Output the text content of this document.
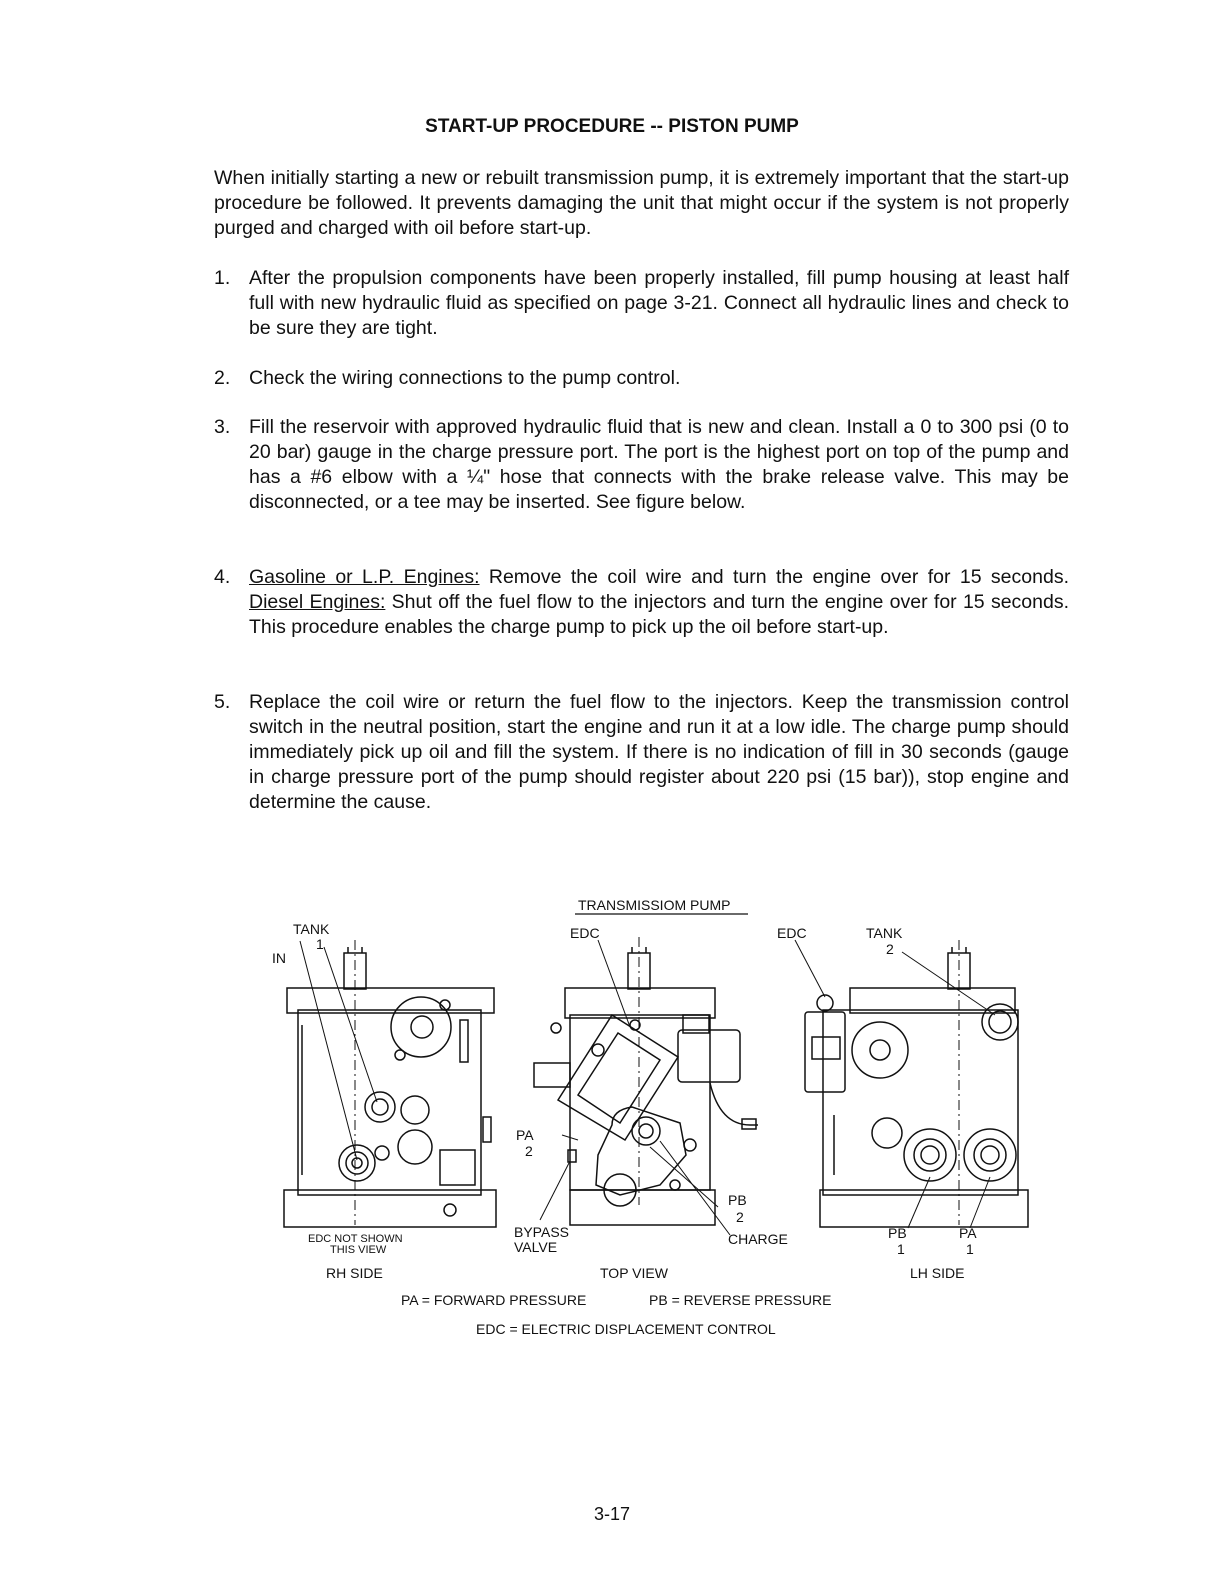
START-UP PROCEDURE -- PISTON PUMP
When initially starting a new or rebuilt transmission pump, it is extremely important that the start-up procedure be followed. It prevents damaging the unit that might occur if the system is not properly purged and charged with oil before start-up.
1. After the propulsion components have been properly installed, fill pump housing at least half full with new hydraulic fluid as specified on page 3-21. Connect all hydraulic lines and check to be sure they are tight.
2. Check the wiring connections to the pump control.
3. Fill the reservoir with approved hydraulic fluid that is new and clean. Install a 0 to 300 psi (0 to 20 bar) gauge in the charge pressure port. The port is the highest port on top of the pump and has a #6 elbow with a ¼" hose that connects with the brake release valve. This may be disconnected, or a tee may be inserted. See figure below.
4. Gasoline or L.P. Engines: Remove the coil wire and turn the engine over for 15 seconds. Diesel Engines: Shut off the fuel flow to the injectors and turn the engine over for 15 seconds. This procedure enables the charge pump to pick up the oil before start-up.
5. Replace the coil wire or return the fuel flow to the injectors. Keep the transmission control switch in the neutral position, start the engine and run it at a low idle. The charge pump should immediately pick up oil and fill the system. If there is no indication of fill in 30 seconds (gauge in charge pressure port of the pump should register about 220 psi (15 bar)), stop engine and determine the cause.
TRANSMISSIOM PUMP
TANK
1
IN
EDC NOT SHOWN
THIS VIEW
RH SIDE
EDC
PA
2
BYPASS
VALVE
PB
2
CHARGE
TOP VIEW
EDC	TANK
2
PB
1
PA
1
LH SIDE
PA = FORWARD PRESSURE	PB = REVERSE PRESSURE
EDC = ELECTRIC DISPLACEMENT CONTROL
3-17
